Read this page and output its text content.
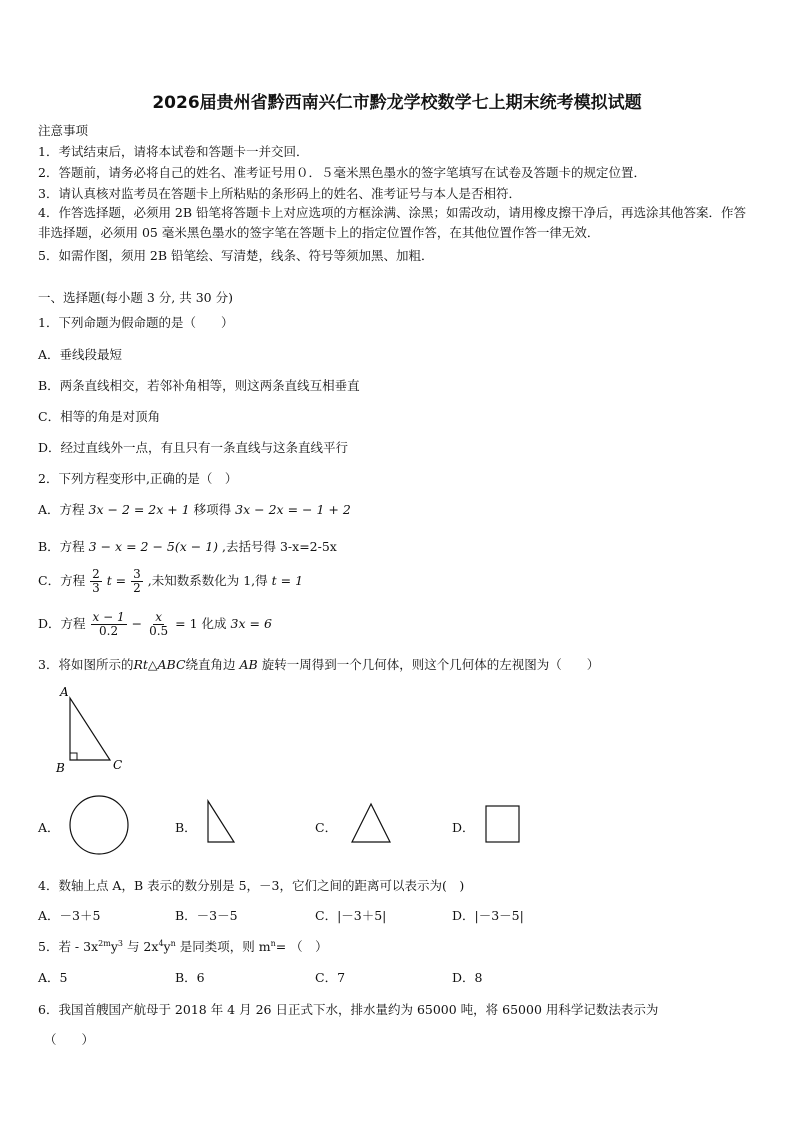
2026届贵州省黔西南兴仁市黔龙学校数学七上期末统考模拟试题
注意事项
1．考试结束后，请将本试卷和答题卡一并交回．
2．答题前，请务必将自己的姓名、准考证号用０．５毫米黑色墨水的签字笔填写在试卷及答题卡的规定位置．
3．请认真核对监考员在答题卡上所粘贴的条形码上的姓名、准考证号与本人是否相符．
4．作答选择题，必须用 2B 铅笔将答题卡上对应选项的方框涂满、涂黑；如需改动，请用橡皮擦干净后，再选涂其他答案．作答非选择题，必须用 05 毫米黑色墨水的签字笔在答题卡上的指定位置作答，在其他位置作答一律无效．
5．如需作图，须用 2B 铅笔绘、写清楚，线条、符号等须加黑、加粗．
一、选择题(每小题 3 分, 共 30 分)
1．下列命题为假命题的是（　　）
A．垂线段最短
B．两条直线相交，若邻补角相等，则这两条直线互相垂直
C．相等的角是对顶角
D．经过直线外一点，有且只有一条直线与这条直线平行
2．下列方程变形中,正确的是（　）
A．方程 3x − 2 = 2x + 1 移项得 3x − 2x = − 1 + 2
B．方程 3 − x = 2 − 5(x − 1) ,去括号得 3-x=2-5x
C．方程 $\frac{2}{3}$ $t = \frac{3}{2}$ ,未知数系数化为 1,得 t = 1
D．方程 $\frac{x - 1}{0.2} - \frac{x}{0.5} = 1$ 化成 3x = 6
3．将如图所示的Rt△ABC绕直角边 AB 旋转一周得到一个几何体，则这个几何体的左视图为（　　）
A
B	C
A．	B．	C．	D．
4．数轴上点 A，B 表示的数分别是 5，－3，它们之间的距离可以表示为(　)
A．－3＋5	B．－3－5	C．|－3＋5|	D．|－3－5|
5．若 - $3x^{2m}y^3$ 与 $2x^4y^n$ 是同类项，则 $m^n=$ （　）
A．5	B．6	C．7	D．8
6．我国首艘国产航母于 2018 年 4 月 26 日正式下水，排水量约为 65000 吨，将 65000 用科学记数法表示为
（　　）
